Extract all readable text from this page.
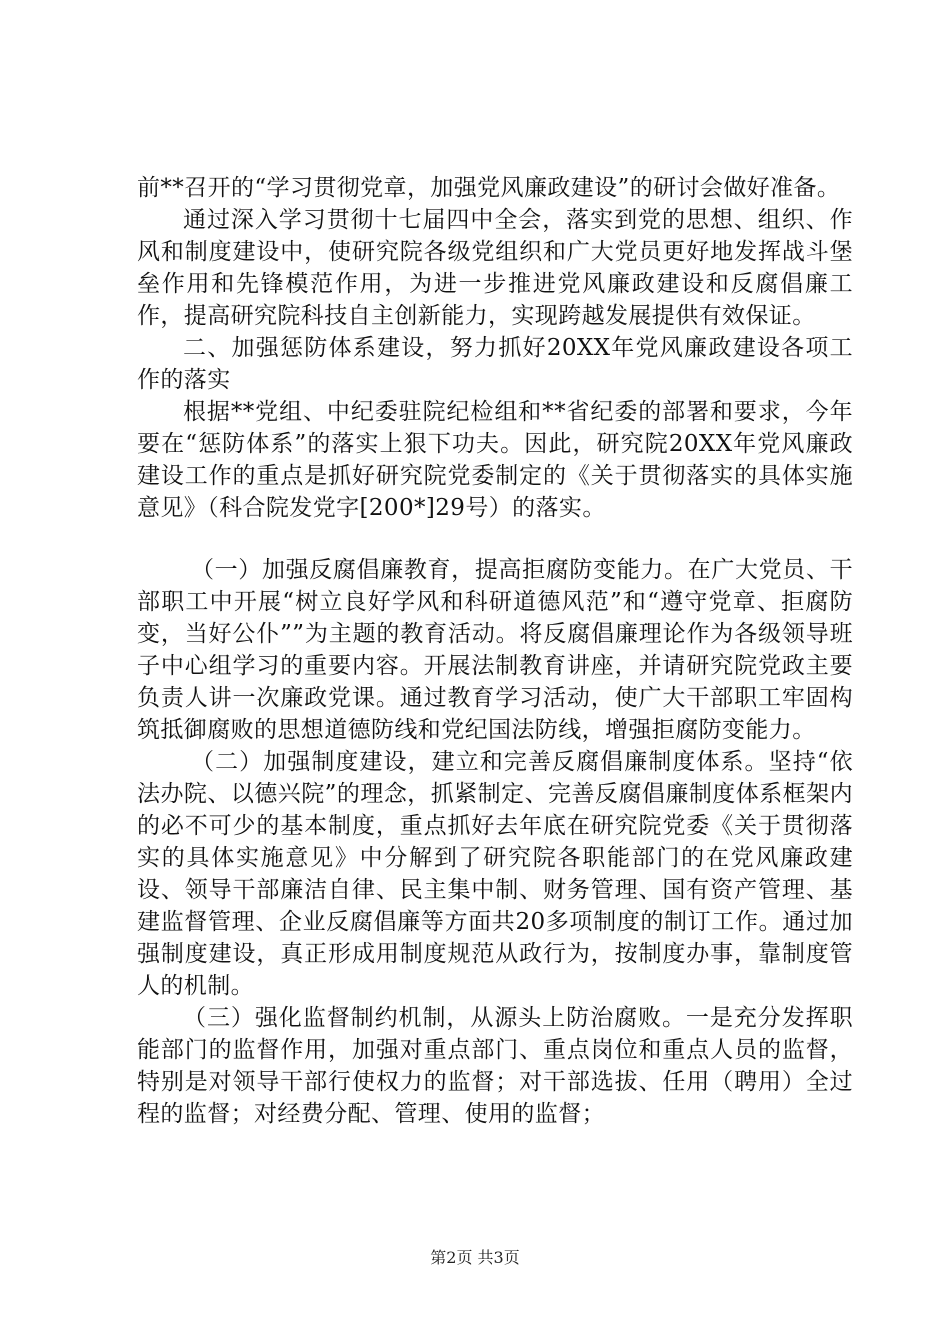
前**召开的“学习贯彻党章，加强党风廉政建设”的研讨会做好准备。

通过深入学习贯彻十七届四中全会，落实到党的思想、组织、作风和制度建设中，使研究院各级党组织和广大党员更好地发挥战斗堡垒作用和先锋模范作用，为进一步推进党风廉政建设和反腐倡廉工作，提高研究院科技自主创新能力，实现跨越发展提供有效保证。

二、加强惩防体系建设，努力抓好20XX年党风廉政建设各项工作的落实

根据**党组、中纪委驻院纪检组和**省纪委的部署和要求，今年要在“惩防体系”的落实上狠下功夫。因此，研究院20XX年党风廉政建设工作的重点是抓好研究院党委制定的《关于贯彻落实的具体实施意见》（科合院发党字[200*]29号）的落实。

（一）加强反腐倡廉教育，提高拒腐防变能力。在广大党员、干部职工中开展“树立良好学风和科研道德风范”和“遵守党章、拒腐防变，当好公仆””为主题的教育活动。将反腐倡廉理论作为各级领导班子中心组学习的重要内容。开展法制教育讲座，并请研究院党政主要负责人讲一次廉政党课。通过教育学习活动，使广大干部职工牢固构筑抵御腐败的思想道德防线和党纪国法防线，增强拒腐防变能力。

（二）加强制度建设，建立和完善反腐倡廉制度体系。坚持“依法办院、以德兴院”的理念，抓紧制定、完善反腐倡廉制度体系框架内的必不可少的基本制度，重点抓好去年底在研究院党委《关于贯彻落实的具体实施意见》中分解到了研究院各职能部门的在党风廉政建设、领导干部廉洁自律、民主集中制、财务管理、国有资产管理、基建监督管理、企业反腐倡廉等方面共20多项制度的制订工作。通过加强制度建设，真正形成用制度规范从政行为，按制度办事，靠制度管人的机制。

（三）强化监督制约机制，从源头上防治腐败。一是充分发挥职能部门的监督作用，加强对重点部门、重点岗位和重点人员的监督，特别是对领导干部行使权力的监督；对干部选拔、任用（聘用）全过程的监督；对经费分配、管理、使用的监督；

第2页 共3页
